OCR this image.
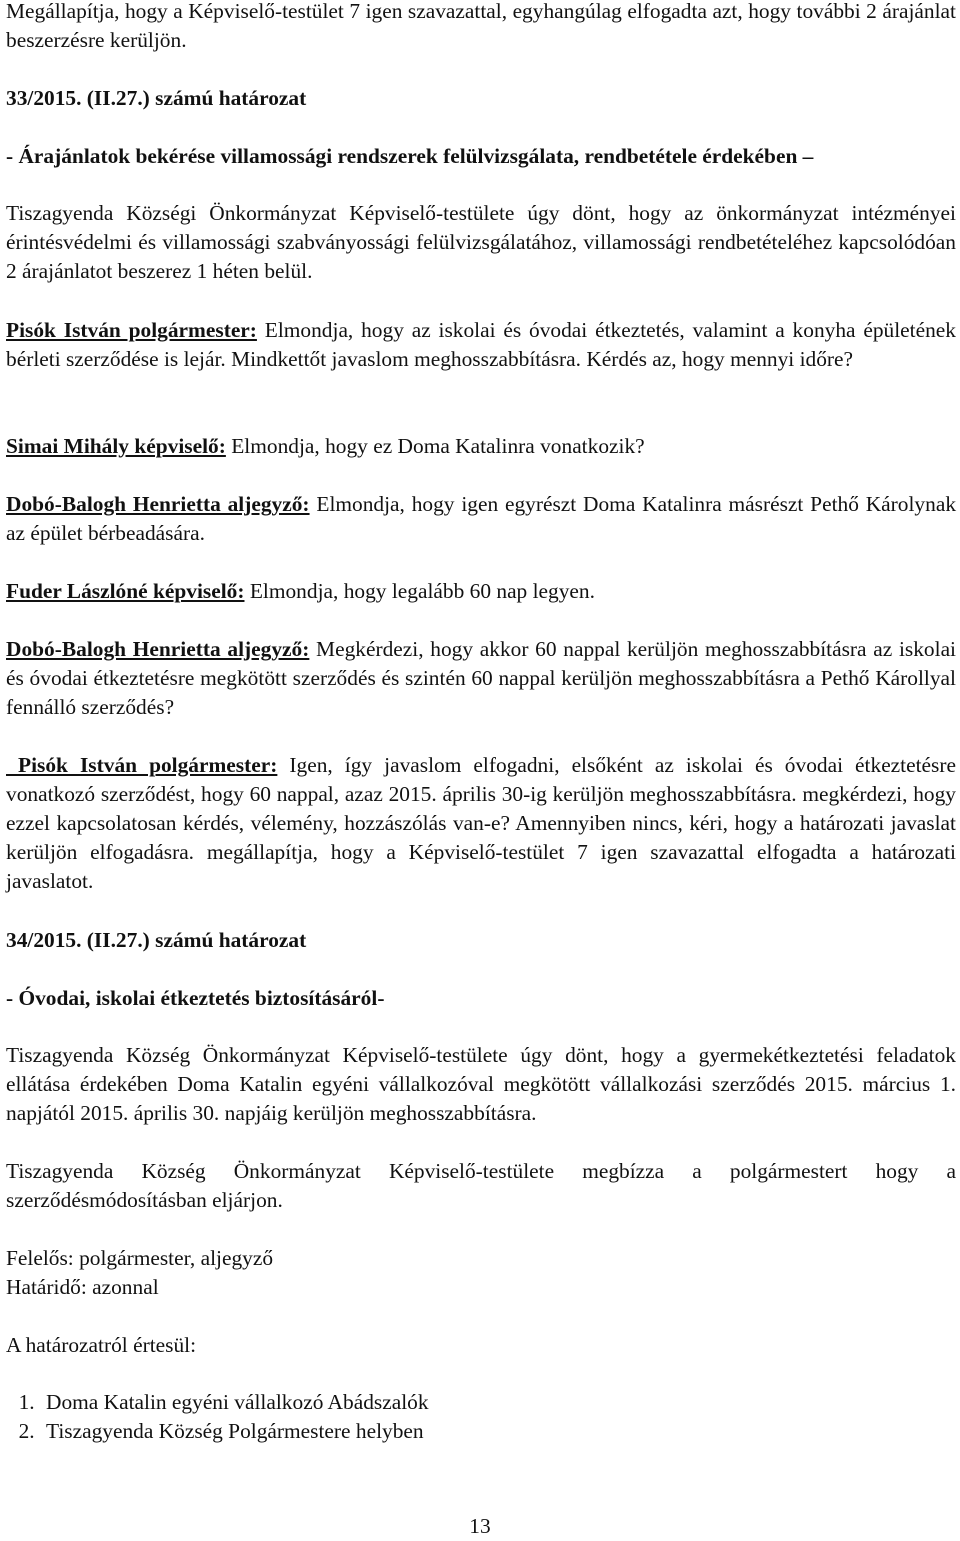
Megállapítja, hogy a Képviselő-testület 7 igen szavazattal, egyhangúlag elfogadta azt, hogy további 2 árajánlat beszerzésre kerüljön.

33/2015. (II.27.) számú határozat

- Árajánlatok bekérése villamossági rendszerek felülvizsgálata, rendbetétele érdekében –

Tiszagyenda Községi Önkormányzat Képviselő-testülete úgy dönt, hogy az önkormányzat intézményei érintésvédelmi és villamossági szabványossági felülvizsgálatához, villamossági rendbetételéhez kapcsolódóan 2 árajánlatot beszerez 1 héten belül.

Pisók István polgármester: Elmondja, hogy az iskolai és óvodai étkeztetés, valamint a konyha épületének bérleti szerződése is lejár. Mindkettőt javaslom meghosszabbításra. Kérdés az, hogy mennyi időre?

Simai Mihály képviselő: Elmondja, hogy ez Doma Katalinra vonatkozik?

Dobó-Balogh Henrietta aljegyző: Elmondja, hogy igen egyrészt Doma Katalinra másrészt Pethő Károlynak az épület bérbeadására.

Fuder Lászlóné képviselő: Elmondja, hogy legalább 60 nap legyen.

Dobó-Balogh Henrietta aljegyző: Megkérdezi, hogy akkor 60 nappal kerüljön meghosszabbításra az iskolai és óvodai étkeztetésre megkötött szerződés és szintén 60 nappal kerüljön meghosszabbításra a Pethő Károllyal fennálló szerződés?

Pisók István polgármester: Igen, így javaslom elfogadni, elsőként az iskolai és óvodai étkeztetésre vonatkozó szerződést, hogy 60 nappal, azaz 2015. április 30-ig kerüljön meghosszabbításra. megkérdezi, hogy ezzel kapcsolatosan kérdés, vélemény, hozzászólás van-e? Amennyiben nincs, kéri, hogy a határozati javaslat kerüljön elfogadásra. megállapítja, hogy a Képviselő-testület 7 igen szavazattal elfogadta a határozati javaslatot.

34/2015. (II.27.) számú határozat

- Óvodai, iskolai étkeztetés biztosításáról-

Tiszagyenda Község Önkormányzat Képviselő-testülete úgy dönt, hogy a gyermekétkeztetési feladatok ellátása érdekében Doma Katalin egyéni vállalkozóval megkötött vállalkozási szerződés 2015. március 1. napjától 2015. április 30. napjáig kerüljön meghosszabbításra.

Tiszagyenda Község Önkormányzat Képviselő-testülete megbízza a polgármestert hogy a szerződésmódosításban eljárjon.

Felelős: polgármester, aljegyző

Határidő: azonnal

A határozatról értesül:

1. Doma Katalin egyéni vállalkozó Abádszalók
2. Tiszagyenda Község Polgármestere helyben
13
